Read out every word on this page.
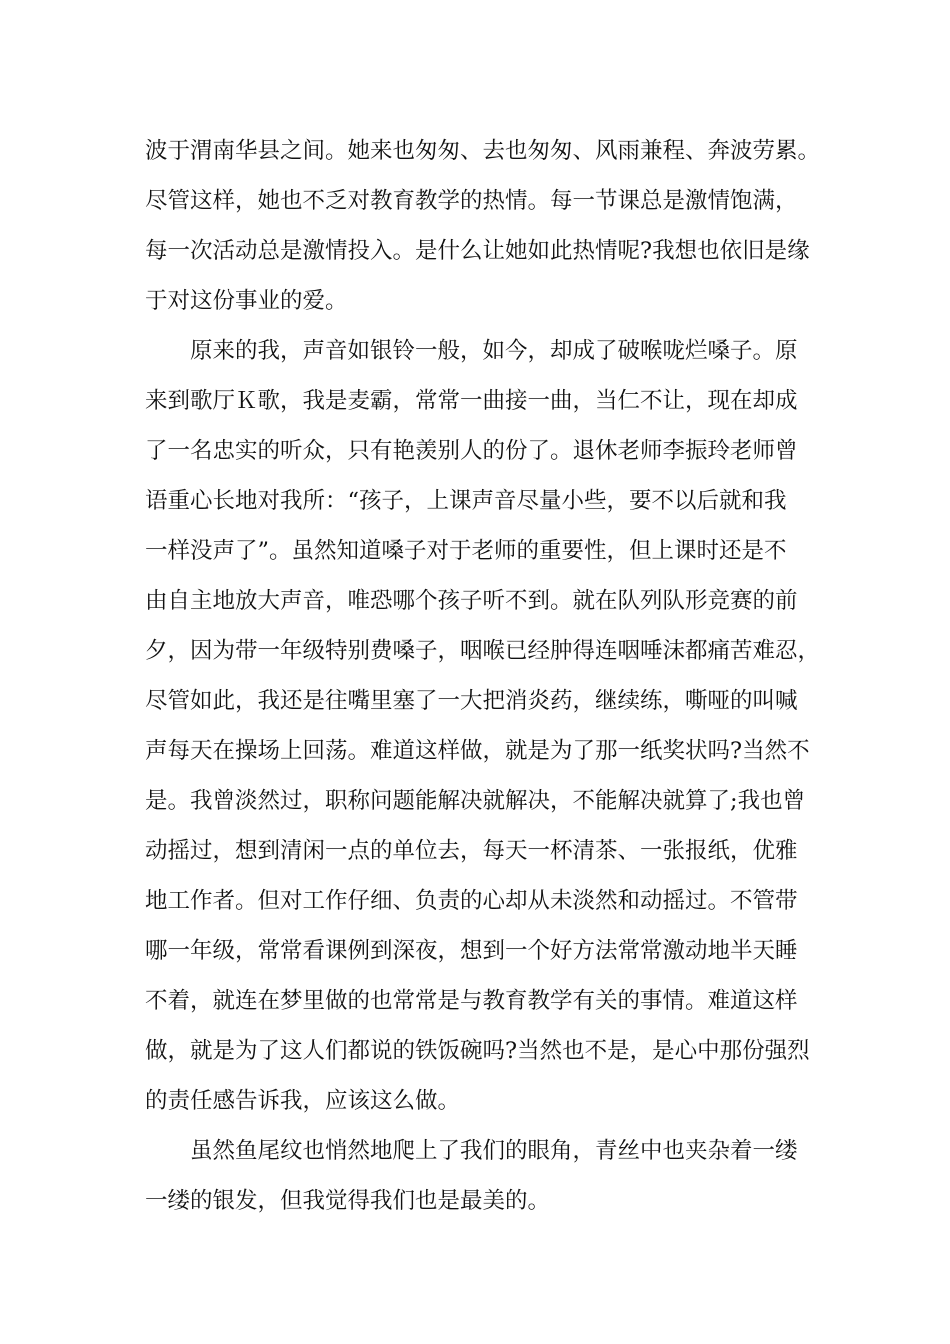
波于渭南华县之间。她来也匆匆、去也匆匆、风雨兼程、奔波劳累。
尽管这样，她也不乏对教育教学的热情。每一节课总是激情饱满，
每一次活动总是激情投入。是什么让她如此热情呢?我想也依旧是缘
于对这份事业的爱。
原来的我，声音如银铃一般，如今，却成了破喉咙烂嗓子。原
来到歌厅Ｋ歌，我是麦霸，常常一曲接一曲，当仁不让，现在却成
了一名忠实的听众，只有艳羡别人的份了。退休老师李振玲老师曾
语重心长地对我所：“孩子，上课声音尽量小些，要不以后就和我
一样没声了”。虽然知道嗓子对于老师的重要性，但上课时还是不
由自主地放大声音，唯恐哪个孩子听不到。就在队列队形竞赛的前
夕，因为带一年级特别费嗓子，咽喉已经肿得连咽唾沫都痛苦难忍，
尽管如此，我还是往嘴里塞了一大把消炎药，继续练，嘶哑的叫喊
声每天在操场上回荡。难道这样做，就是为了那一纸奖状吗?当然不
是。我曾淡然过，职称问题能解决就解决，不能解决就算了;我也曾
动摇过，想到清闲一点的单位去，每天一杯清茶、一张报纸，优雅
地工作者。但对工作仔细、负责的心却从未淡然和动摇过。不管带
哪一年级，常常看课例到深夜，想到一个好方法常常激动地半天睡
不着，就连在梦里做的也常常是与教育教学有关的事情。难道这样
做，就是为了这人们都说的铁饭碗吗?当然也不是，是心中那份强烈
的责任感告诉我，应该这么做。
虽然鱼尾纹也悄然地爬上了我们的眼角，青丝中也夹杂着一缕
一缕的银发，但我觉得我们也是最美的。
